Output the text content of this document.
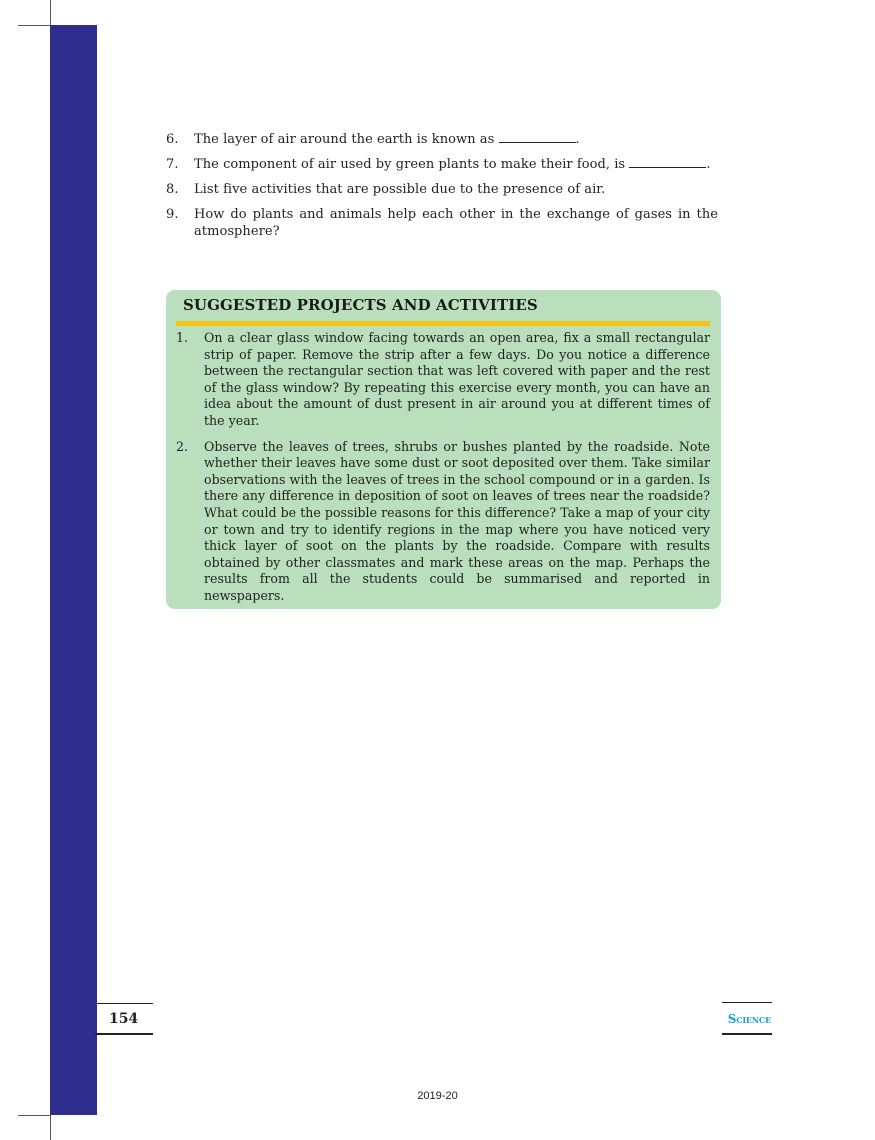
6.	The layer of air around the earth is known as	.
7.	The component of air used by green plants to make their food, is	.
8.	List five activities that are possible due to the presence of air.
9.	How do plants and animals help each other in the exchange of gases in the atmosphere?
SUGGESTED PROJECTS AND ACTIVITIES
1.	On a clear glass window facing towards an open area, fix a small rectangular strip of paper. Remove the strip after a few days. Do you notice a difference between the rectangular section that was left covered with paper and the rest of the glass window? By repeating this exercise every month, you can have an idea about the amount of dust present in air around you at different times of the year.
2.	Observe the leaves of trees, shrubs or bushes planted by the roadside. Note whether their leaves have some dust or soot deposited over them. Take similar observations with the leaves of trees in the school compound or in a garden. Is there any difference in deposition of soot on leaves of trees near the roadside? What could be the possible reasons for this difference? Take a map of your city or town and try to identify regions in the map where you have noticed very thick layer of soot on the plants by the roadside. Compare with results obtained by other classmates and mark these areas on the map. Perhaps the results from all the students could be summarised and reported in newspapers.
154	Science
2019-20
